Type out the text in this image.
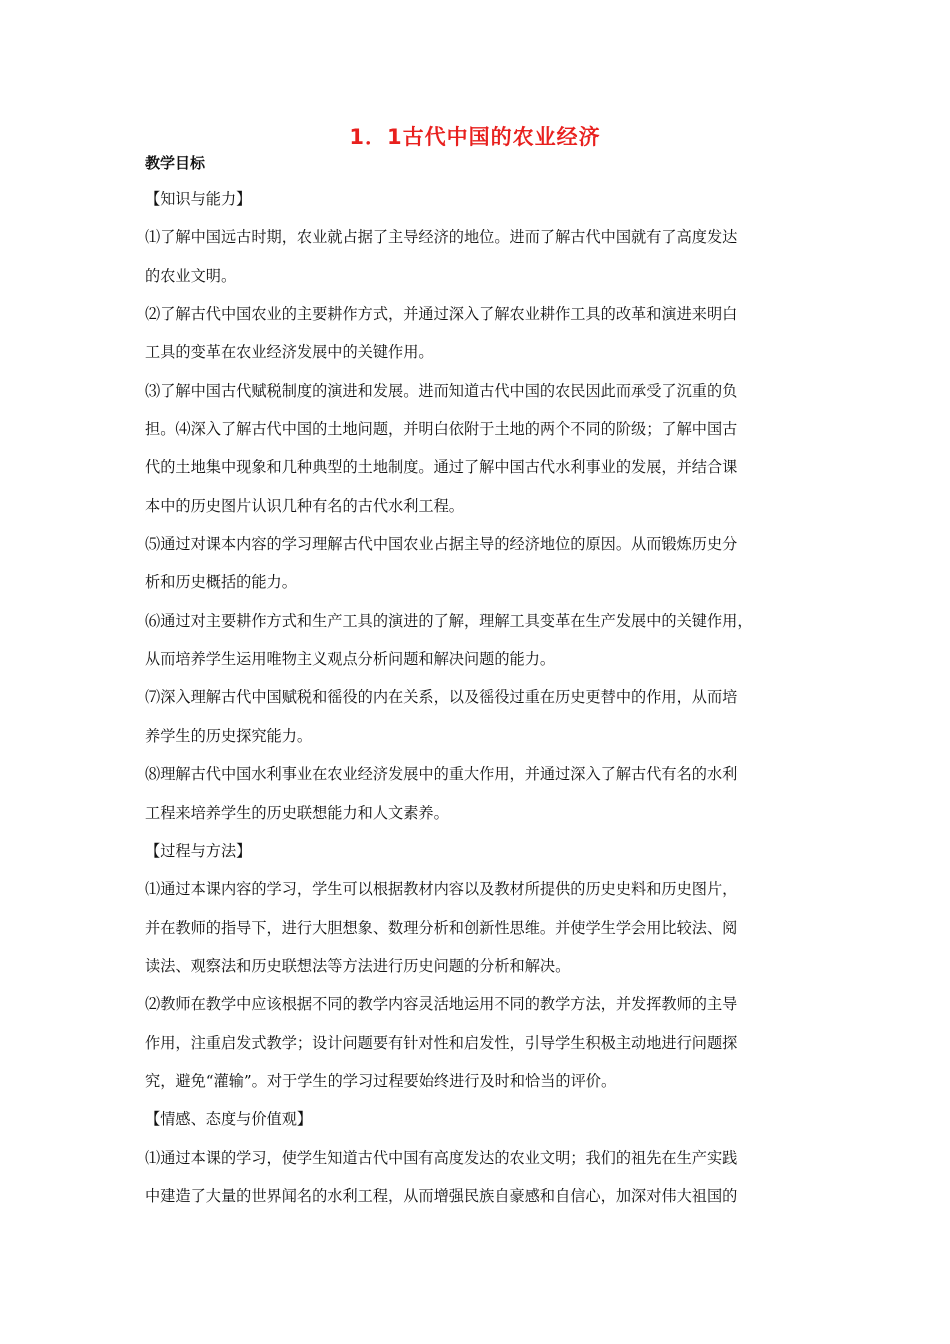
1．1古代中国的农业经济
教学目标
【知识与能力】
⑴了解中国远古时期，农业就占据了主导经济的地位。进而了解古代中国就有了高度发达
的农业文明。
⑵了解古代中国农业的主要耕作方式，并通过深入了解农业耕作工具的改革和演进来明白
工具的变革在农业经济发展中的关键作用。
⑶了解中国古代赋税制度的演进和发展。进而知道古代中国的农民因此而承受了沉重的负
担。⑷深入了解古代中国的土地问题，并明白依附于土地的两个不同的阶级；了解中国古
代的土地集中现象和几种典型的土地制度。通过了解中国古代水利事业的发展，并结合课
本中的历史图片认识几种有名的古代水利工程。
⑸通过对课本内容的学习理解古代中国农业占据主导的经济地位的原因。从而锻炼历史分
析和历史概括的能力。
⑹通过对主要耕作方式和生产工具的演进的了解，理解工具变革在生产发展中的关键作用，
从而培养学生运用唯物主义观点分析问题和解决问题的能力。
⑺深入理解古代中国赋税和徭役的内在关系，以及徭役过重在历史更替中的作用，从而培
养学生的历史探究能力。
⑻理解古代中国水利事业在农业经济发展中的重大作用，并通过深入了解古代有名的水利
工程来培养学生的历史联想能力和人文素养。
【过程与方法】
⑴通过本课内容的学习，学生可以根据教材内容以及教材所提供的历史史料和历史图片，
并在教师的指导下，进行大胆想象、数理分析和创新性思维。并使学生学会用比较法、阅
读法、观察法和历史联想法等方法进行历史问题的分析和解决。
⑵教师在教学中应该根据不同的教学内容灵活地运用不同的教学方法，并发挥教师的主导
作用，注重启发式教学；设计问题要有针对性和启发性，引导学生积极主动地进行问题探
究，避免“灌输”。对于学生的学习过程要始终进行及时和恰当的评价。
【情感、态度与价值观】
⑴通过本课的学习，使学生知道古代中国有高度发达的农业文明；我们的祖先在生产实践
中建造了大量的世界闻名的水利工程，从而增强民族自豪感和自信心，加深对伟大祖国的
